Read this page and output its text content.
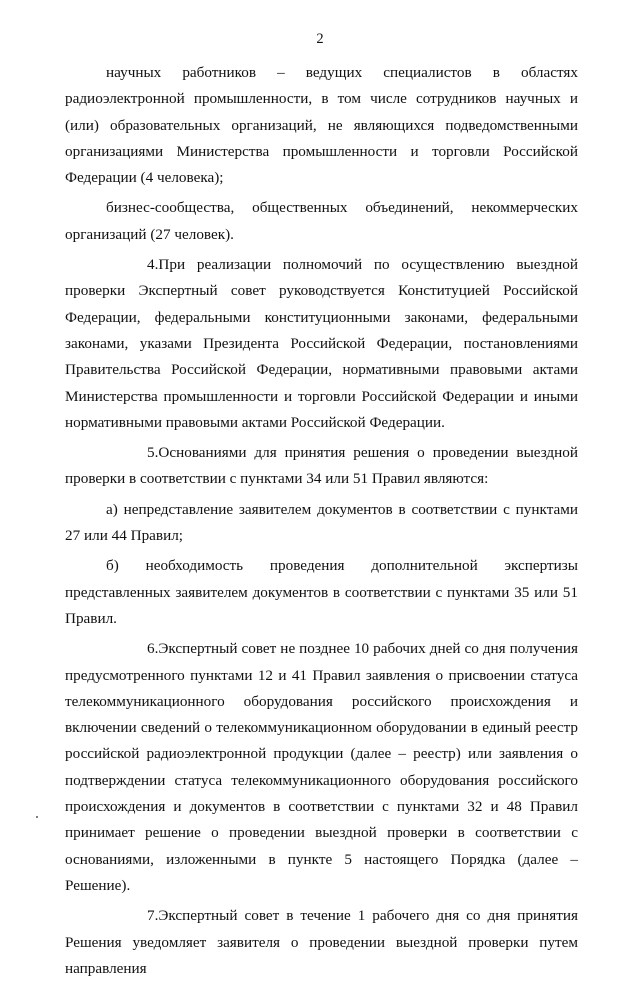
2

научных работников – ведущих специалистов в областях радиоэлектронной промышленности, в том числе сотрудников научных и (или) образовательных организаций, не являющихся подведомственными организациями Министерства промышленности и торговли Российской Федерации (4 человека);

бизнес-сообщества, общественных объединений, некоммерческих организаций (27 человек).

4.При реализации полномочий по осуществлению выездной проверки Экспертный совет руководствуется Конституцией Российской Федерации, федеральными конституционными законами, федеральными законами, указами Президента Российской Федерации, постановлениями Правительства Российской Федерации, нормативными правовыми актами Министерства промышленности и торговли Российской Федерации и иными нормативными правовыми актами Российской Федерации.

5.Основаниями для принятия решения о проведении выездной проверки в соответствии с пунктами 34 или 51 Правил являются:

а) непредставление заявителем документов в соответствии с пунктами 27 или 44 Правил;

б) необходимость проведения дополнительной экспертизы представленных заявителем документов в соответствии с пунктами 35 или 51 Правил.

6.Экспертный совет не позднее 10 рабочих дней со дня получения предусмотренного пунктами 12 и 41 Правил заявления о присвоении статуса телекоммуникационного оборудования российского происхождения и включении сведений о телекоммуникационном оборудовании в единый реестр российской радиоэлектронной продукции (далее – реестр) или заявления о подтверждении статуса телекоммуникационного оборудования российского происхождения и документов в соответствии с пунктами 32 и 48 Правил принимает решение о проведении выездной проверки в соответствии с основаниями, изложенными в пункте 5 настоящего Порядка (далее – Решение).

7.Экспертный совет в течение 1 рабочего дня со дня принятия Решения уведомляет заявителя о проведении выездной проверки путем направления
